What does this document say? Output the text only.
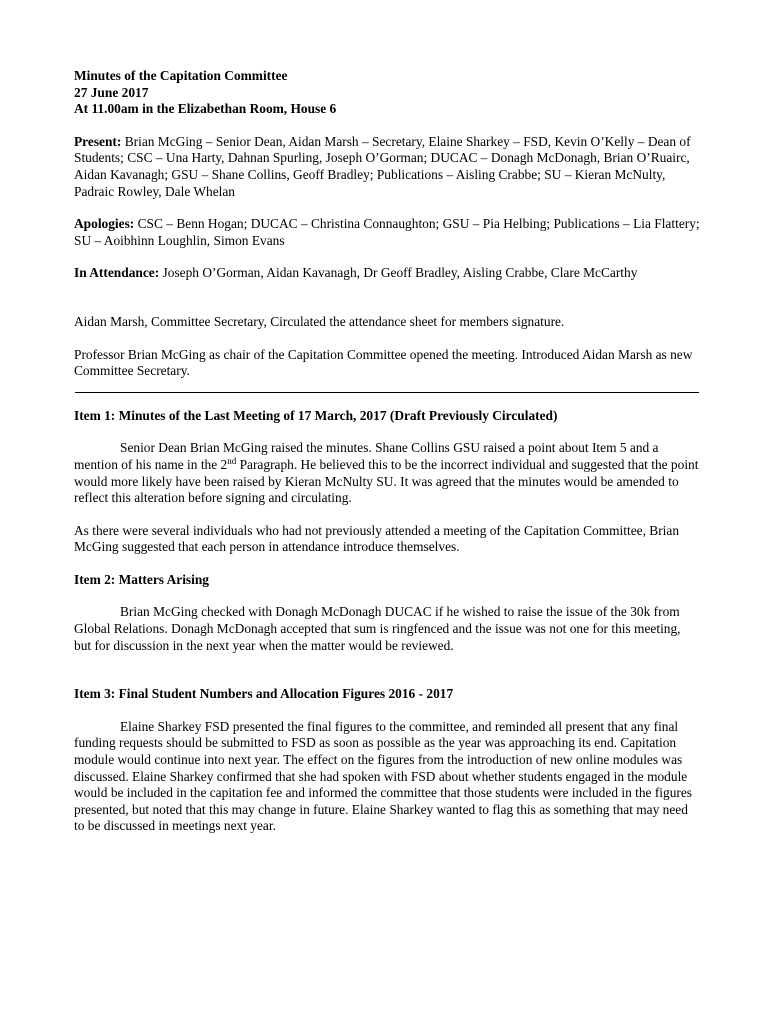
Minutes of the Capitation Committee

27 June 2017

At 11.00am in the Elizabethan Room, House 6

Present: Brian McGing – Senior Dean, Aidan Marsh – Secretary, Elaine Sharkey – FSD, Kevin O’Kelly – Dean of Students; CSC – Una Harty, Dahnan Spurling, Joseph O’Gorman; DUCAC – Donagh McDonagh, Brian O’Ruairc, Aidan Kavanagh; GSU – Shane Collins, Geoff Bradley; Publications – Aisling Crabbe; SU – Kieran McNulty, Padraic Rowley, Dale Whelan

Apologies: CSC – Benn Hogan; DUCAC – Christina Connaughton; GSU – Pia Helbing; Publications – Lia Flattery; SU – Aoibhinn Loughlin, Simon Evans

In Attendance: Joseph O’Gorman, Aidan Kavanagh, Dr Geoff Bradley, Aisling Crabbe, Clare McCarthy

Aidan Marsh, Committee Secretary, Circulated the attendance sheet for members signature.

Professor Brian McGing as chair of the Capitation Committee opened the meeting. Introduced Aidan Marsh as new Committee Secretary.

Item 1: Minutes of the Last Meeting of 17 March, 2017 (Draft Previously Circulated)

Senior Dean Brian McGing raised the minutes. Shane Collins GSU raised a point about Item 5 and a mention of his name in the 2nd Paragraph. He believed this to be the incorrect individual and suggested that the point would more likely have been raised by Kieran McNulty SU. It was agreed that the minutes would be amended to reflect this alteration before signing and circulating.

As there were several individuals who had not previously attended a meeting of the Capitation Committee, Brian McGing suggested that each person in attendance introduce themselves.

Item 2: Matters Arising

Brian McGing checked with Donagh McDonagh DUCAC if he wished to raise the issue of the 30k from Global Relations. Donagh McDonagh accepted that sum is ringfenced and the issue was not one for this meeting, but for discussion in the next year when the matter would be reviewed.

Item 3: Final Student Numbers and Allocation Figures 2016 - 2017

Elaine Sharkey FSD presented the final figures to the committee, and reminded all present that any final funding requests should be submitted to FSD as soon as possible as the year was approaching its end. Capitation module would continue into next year. The effect on the figures from the introduction of new online modules was discussed. Elaine Sharkey confirmed that she had spoken with FSD about whether students engaged in the module would be included in the capitation fee and informed the committee that those students were included in the figures presented, but noted that this may change in future. Elaine Sharkey wanted to flag this as something that may need to be discussed in meetings next year.
